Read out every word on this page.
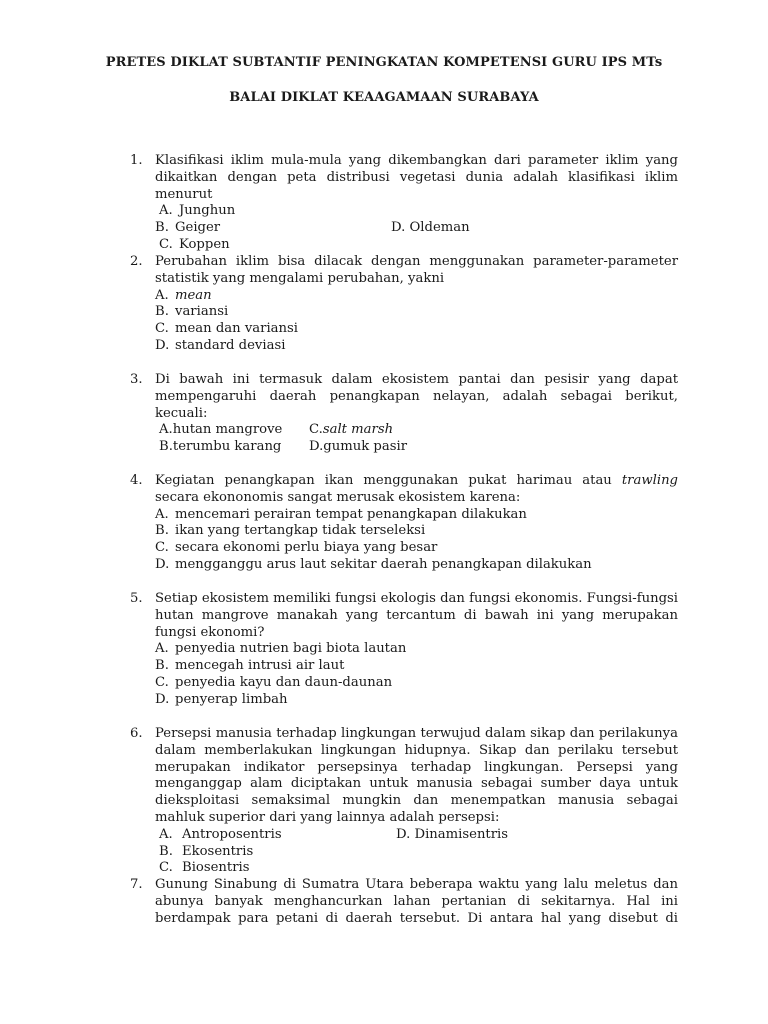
PRETES DIKLAT SUBTANTIF PENINGKATAN KOMPETENSI GURU IPS MTs
BALAI DIKLAT KEAAGAMAAN SURABAYA
1. Klasifikasi iklim mula-mula yang dikembangkan dari parameter iklim yang dikaitkan dengan peta distribusi vegetasi dunia adalah klasifikasi iklim menurut
A. Junghun
B. Geiger	D. Oldeman
C. Koppen
2. Perubahan iklim bisa dilacak dengan menggunakan parameter-parameter statistik yang mengalami perubahan, yakni
A. mean
B. variansi
C. mean dan variansi
D. standard deviasi
3. Di bawah ini termasuk dalam ekosistem pantai dan pesisir yang dapat mempengaruhi daerah penangkapan nelayan, adalah sebagai berikut, kecuali:
A.hutan mangrove C.salt marsh
B.terumbu karang D.gumuk pasir
4. Kegiatan penangkapan ikan menggunakan pukat harimau atau trawling secara ekononomis sangat merusak ekosistem karena:
A. mencemari perairan tempat penangkapan dilakukan
B. ikan yang tertangkap tidak terseleksi
C. secara ekonomi perlu biaya yang besar
D. mengganggu arus laut sekitar daerah penangkapan dilakukan
5. Setiap ekosistem memiliki fungsi ekologis dan fungsi ekonomis. Fungsi-fungsi hutan mangrove manakah yang tercantum di bawah ini yang merupakan fungsi ekonomi?
A. penyedia nutrien bagi biota lautan
B. mencegah intrusi air laut
C. penyedia kayu dan daun-daunan
D. penyerap limbah
6. Persepsi manusia terhadap lingkungan terwujud dalam sikap dan perilakunya dalam memberlakukan lingkungan hidupnya. Sikap dan perilaku tersebut merupakan indikator persepsinya terhadap lingkungan. Persepsi yang menganggap alam diciptakan untuk manusia sebagai sumber daya untuk dieksploitasi semaksimal mungkin dan menempatkan manusia sebagai mahluk superior dari yang lainnya adalah persepsi:
A. Antroposentris	D. Dinamisentris
B. Ekosentris
C. Biosentris
7. Gunung Sinabung di Sumatra Utara beberapa waktu yang lalu meletus dan abunya banyak menghancurkan lahan pertanian di sekitarnya. Hal ini berdampak para petani di daerah tersebut. Di antara hal yang disebut di
